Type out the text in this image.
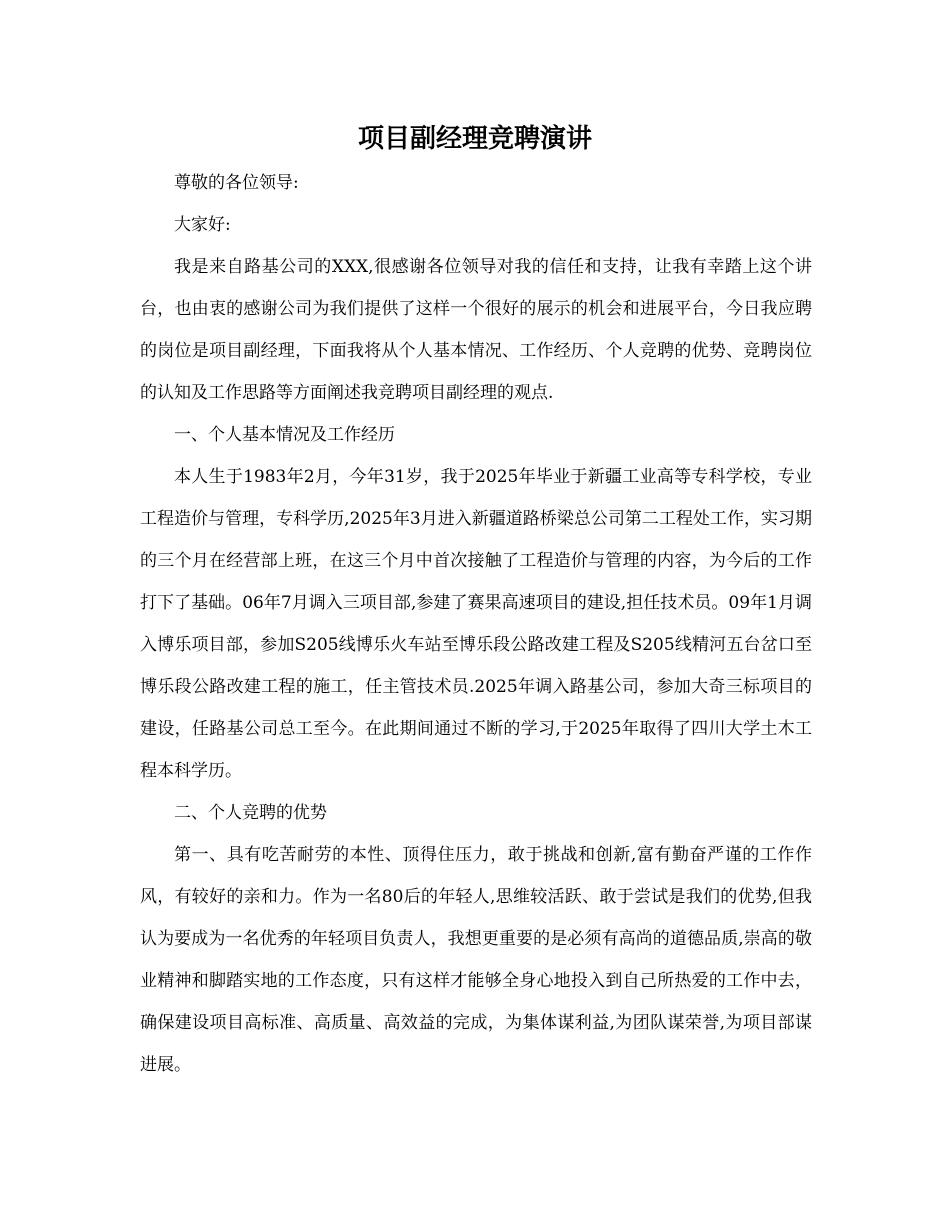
项目副经理竞聘演讲

尊敬的各位领导:

大家好:

我是来自路基公司的XXX,很感谢各位领导对我的信任和支持，让我有幸踏上这个讲台，也由衷的感谢公司为我们提供了这样一个很好的展示的机会和进展平台，今日我应聘的岗位是项目副经理，下面我将从个人基本情况、工作经历、个人竞聘的优势、竞聘岗位的认知及工作思路等方面阐述我竞聘项目副经理的观点.

一、个人基本情况及工作经历

本人生于1983年2月，今年31岁，我于2025年毕业于新疆工业高等专科学校，专业工程造价与管理，专科学历,2025年3月进入新疆道路桥梁总公司第二工程处工作，实习期的三个月在经营部上班，在这三个月中首次接触了工程造价与管理的内容，为今后的工作打下了基础。06年7月调入三项目部,参建了赛果高速项目的建设,担任技术员。09年1月调入博乐项目部，参加S205线博乐火车站至博乐段公路改建工程及S205线精河五台岔口至博乐段公路改建工程的施工，任主管技术员.2025年调入路基公司，参加大奇三标项目的建设，任路基公司总工至今。在此期间通过不断的学习,于2025年取得了四川大学土木工程本科学历。

二、个人竞聘的优势

第一、具有吃苦耐劳的本性、顶得住压力，敢于挑战和创新,富有勤奋严谨的工作作风，有较好的亲和力。作为一名80后的年轻人,思维较活跃、敢于尝试是我们的优势,但我认为要成为一名优秀的年轻项目负责人，我想更重要的是必须有高尚的道德品质,崇高的敬业精神和脚踏实地的工作态度，只有这样才能够全身心地投入到自己所热爱的工作中去，确保建设项目高标准、高质量、高效益的完成，为集体谋利益,为团队谋荣誉,为项目部谋进展。
